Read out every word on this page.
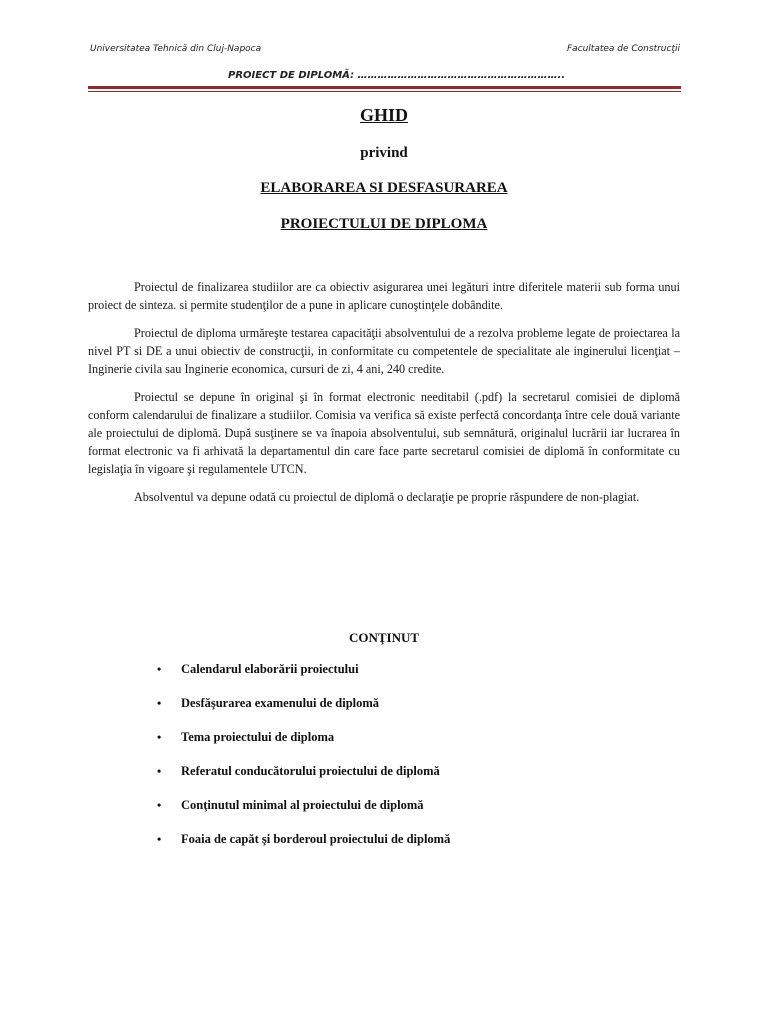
Universitatea Tehnică din Cluj-Napoca	Facultatea de Construcţii
PROIECT DE DIPLOMĂ: ……………………………………………………..
GHID
privind
ELABORAREA SI DESFASURAREA
PROIECTULUI DE DIPLOMA

Proiectul de finalizarea studiilor are ca obiectiv asigurarea unei legături intre diferitele materii sub forma unui proiect de sinteza. si permite studenţilor de a pune in aplicare cunoştinţele dobândite.

Proiectul de diploma urmăreşte testarea capacităţii absolventului de a rezolva probleme legate de proiectarea la nivel PT si DE a unui obiectiv de construcţii, in conformitate cu competentele de specialitate ale inginerului licenţiat – Inginerie civila sau Inginerie economica, cursuri de zi, 4 ani, 240 credite.

Proiectul se depune în original şi în format electronic needitabil (.pdf) la secretarul comisiei de diplomă conform calendarului de finalizare a studiilor. Comisia va verifica să existe perfectă concordanţa între cele două variante ale proiectului de diplomă. După susţinere se va înapoia absolventului, sub semnătură, originalul lucrării iar lucrarea în format electronic va fi arhivată la departamentul din care face parte secretarul comisiei de diplomă în conformitate cu legislaţia în vigoare şi regulamentele UTCN.

Absolventul va depune odată cu proiectul de diplomă o declaraţie pe proprie răspundere de non-plagiat.

CONŢINUT
• Calendarul elaborării proiectului
• Desfăşurarea examenului de diplomă
• Tema proiectului de diploma
• Referatul conducătorului proiectului de diplomă
• Conţinutul minimal al proiectului de diplomă
• Foaia de capăt şi borderoul proiectului de diplomă
